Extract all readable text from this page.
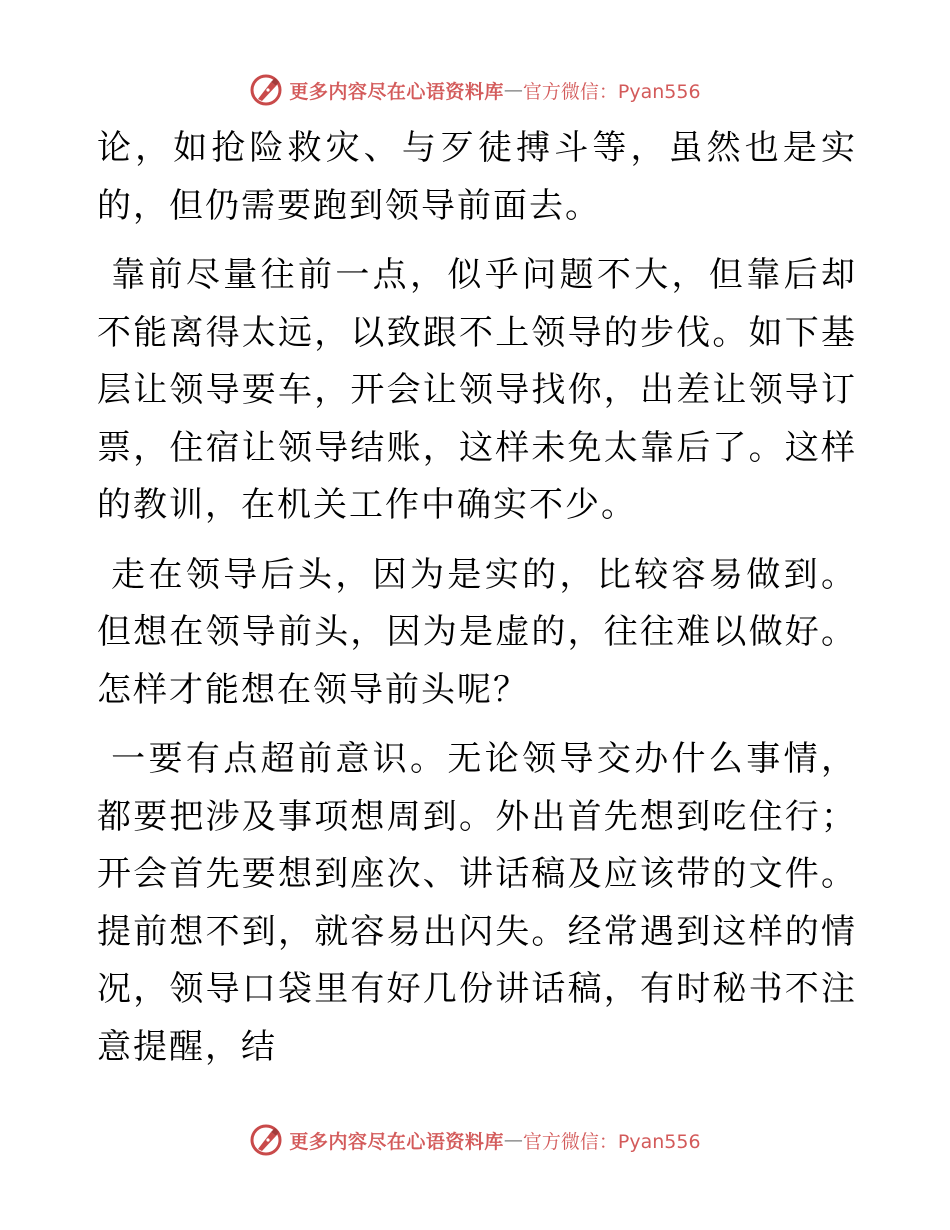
更多内容尽在心语资料库 — 官方微信：Pyan556

论，如抢险救灾、与歹徒搏斗等，虽然也是实的，但仍需要跑到领导前面去。

靠前尽量往前一点，似乎问题不大，但靠后却不能离得太远，以致跟不上领导的步伐。如下基层让领导要车，开会让领导找你，出差让领导订票，住宿让领导结账，这样未免太靠后了。这样的教训，在机关工作中确实不少。

走在领导后头，因为是实的，比较容易做到。但想在领导前头，因为是虚的，往往难以做好。怎样才能想在领导前头呢？

一要有点超前意识。无论领导交办什么事情，都要把涉及事项想周到。外出首先想到吃住行；开会首先要想到座次、讲话稿及应该带的文件。提前想不到，就容易出闪失。经常遇到这样的情况，领导口袋里有好几份讲话稿，有时秘书不注意提醒，结

更多内容尽在心语资料库 — 官方微信：Pyan556
